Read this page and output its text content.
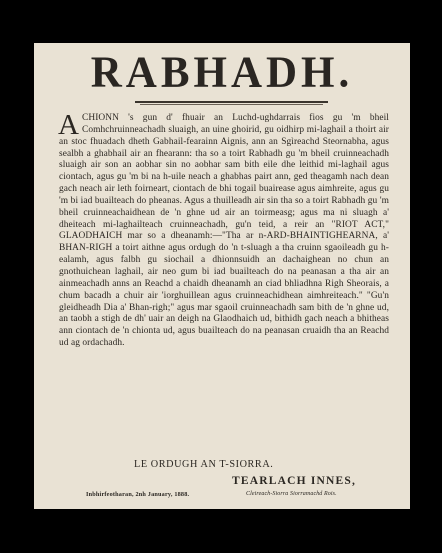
RABHADH.
ACHIONN 's gun d' fhuair an Luchd-ughdarrais fios gu 'm bheil Comhchruinneachadh sluaigh, an uine ghoirid, gu oidhirp mi-laghail a thoirt air an stoc fhuadach dheth Gabhail-fearainn Aignis, ann an Sgìreachd Steornabha, agus sealbh a ghabhail air an fhearann: tha so a toirt Rabhadh gu 'm bheil cruinneachadh sluaigh air son an aobhar sin no aobhar sam bith eile dhe leithid mi-laghail agus ciontach, agus gu 'm bi na h-uile neach a ghabhas pairt ann, ged theagamh nach dean gach neach air leth foirneart, ciontach de bhi togail buairease agus aimhreite, agus gu 'm bi iad buailteach do pheanas. Agus a thuilleadh air sin tha so a toirt Rabhadh gu 'm bheil cruinneachaidhean de 'n ghne ud air an toirmeasg; agus ma ni sluagh a' dheiteach mi-laghailteach cruinneachadh, gu'n teid, a reir an "RIOT ACT," GLAODHAICH mar so a dheanamh:—"Tha ar n-ARD-BHAINTIGHEARNA, a' BHAN-RIGH a toirt aithne agus ordugh do 'n t-sluagh a tha cruinn sgaoileadh gu h-ealamh, agus falbh gu siochail a dhionnsuidh an dachaighean no chun an gnothuichean laghail, air neo gum bi iad buailteach do na peanasan a tha air an ainmeachadh anns an Reachd a chaidh dheanamh an ciad bhliadhna Righ Sheorais, a chum bacadh a chuir air 'iorghuillean agus cruinneachidhean aimhreiteach." "Gu'n gleidheadh Dia a' Bhan-righ;" agus mar sgaoil cruinneachadh sam bith de 'n ghne ud, an taobh a stigh de dh' uair an deigh na Glaodhaich ud, bithidh gach neach a bhitheas ann ciontach de 'n chionta ud, agus buailteach do na peanasan cruaidh tha an Reachd ud ag ordachadh.
LE ORDUGH AN T-SIORRA.
TEARLACH INNES,
Inbhirfeotharan, 2nh January, 1888.	Cleireach-Siorra Siorramachd Rois.
